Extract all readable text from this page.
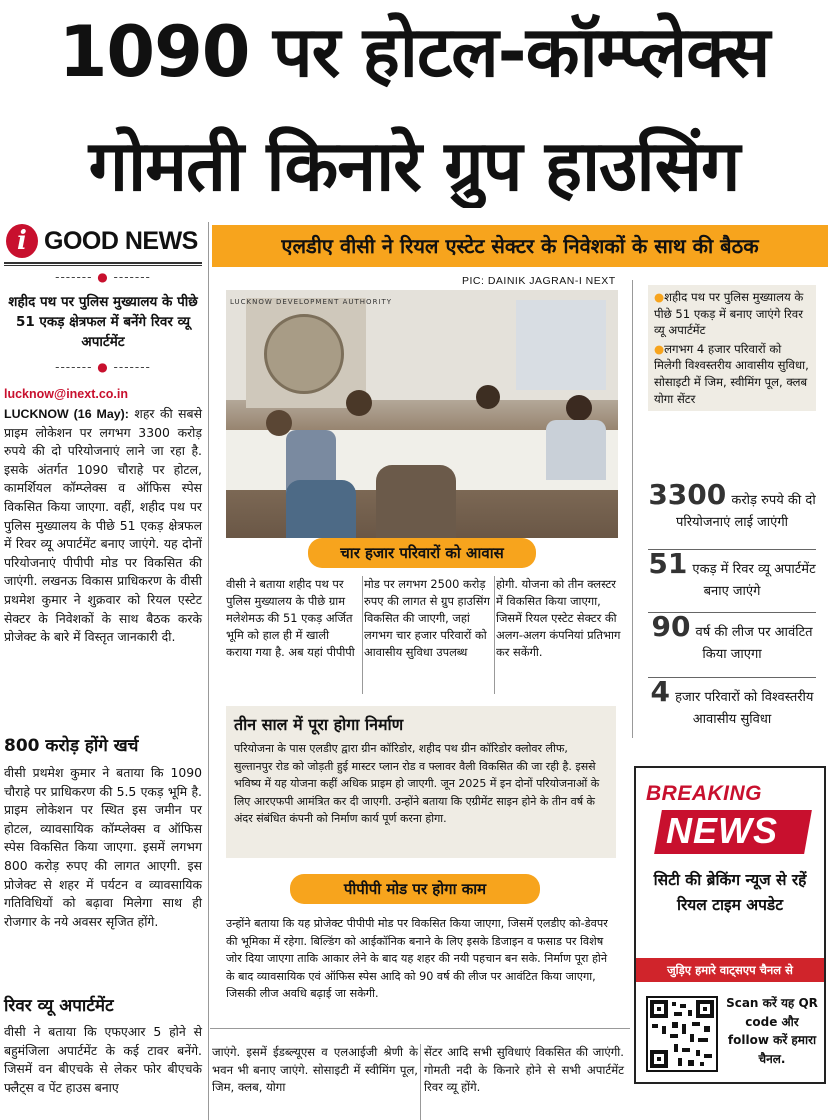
1090 पर होटल-कॉम्प्लेक्स
गोमती किनारे ग्रुप हाउसिंग
i GOOD NEWS
------- ● -------
शहीद पथ पर पुलिस मुख्यालय के पीछे 51 एकड़ क्षेत्रफल में बनेंगे रिवर व्यू अपार्टमेंट
------- ● -------
lucknow@inext.co.in
LUCKNOW (16 May): शहर की सबसे प्राइम लोकेशन पर लगभग 3300 करोड़ रुपये की दो परियोजनाएं लाने जा रहा है. इसके अंतर्गत 1090 चौराहे पर होटल, कामर्शियल कॉम्प्लेक्स व ऑफिस स्पेस विकसित किया जाएगा. वहीं, शहीद पथ पर पुलिस मुख्यालय के पीछे 51 एकड़ क्षेत्रफल में रिवर व्यू अपार्टमेंट बनाए जाएंगे. यह दोनों परियोजनाएं पीपीपी मोड पर विकसित की जाएंगी. लखनऊ विकास प्राधिकरण के वीसी प्रथमेश कुमार ने शुक्रवार को रियल एस्टेट सेक्टर के निवेशकों के साथ बैठक करके प्रोजेक्ट के बारे में विस्तृत जानकारी दी.
800 करोड़ होंगे खर्च
वीसी प्रथमेश कुमार ने बताया कि 1090 चौराहे पर प्राधिकरण की 5.5 एकड़ भूमि है. प्राइम लोकेशन पर स्थित इस जमीन पर होटल, व्यावसायिक कॉम्प्लेक्स व ऑफिस स्पेस विकसित किया जाएगा. इसमें लगभग 800 करोड़ रुपए की लागत आएगी. इस प्रोजेक्ट से शहर में पर्यटन व व्यावसायिक गतिविधियों को बढ़ावा मिलेगा साथ ही रोजगार के नये अवसर सृजित होंगे.
रिवर व्यू अपार्टमेंट
वीसी ने बताया कि एफएआर 5 होने से बहुमंजिला अपार्टमेंट के कई टावर बनेंगे. जिसमें वन बीएचके से लेकर फोर बीएचके फ्लैट्स व पेंट हाउस बनाए
एलडीए वीसी ने रियल एस्टेट सेक्टर के निवेशकों के साथ की बैठक
PIC: DAINIK JAGRAN-I NEXT
LUCKNOW DEVELOPMENT AUTHORITY	●शहीद पथ पर पुलिस मुख्यालय के पीछे 51 एकड़ में बनाए जाएंगे रिवर व्यू अपार्टमेंट
●लगभग 4 हजार परिवारों को मिलेगी विश्वस्तरीय आवासीय सुविधा, सोसाइटी में जिम, स्वीमिंग पूल, क्लब योगा सेंटर
3300 करोड़ रुपये की दो परियोजनाएं लाई जाएंगी
51 एकड़ में रिवर व्यू अपार्टमेंट बनाए जाएंगे
90 वर्ष की लीज पर आवंटित किया जाएगा
4 हजार परिवारों को विश्वस्तरीय आवासीय सुविधा
चार हजार परिवारों को आवास
वीसी ने बताया शहीद पथ पर पुलिस मुख्यालय के पीछे ग्राम मलेशेमऊ की 51 एकड़ अर्जित भूमि को हाल ही में खाली कराया गया है. अब यहां पीपीपी
मोड पर लगभग 2500 करोड़ रुपए की लागत से ग्रुप हाउसिंग विकसित की जाएगी, जहां लगभग चार हजार परिवारों को आवासीय सुविधा उपलब्ध
होगी. योजना को तीन क्लस्टर में विकसित किया जाएगा, जिसमें रियल एस्टेट सेक्टर की अलग-अलग कंपनियां प्रतिभाग कर सकेंगी.
तीन साल में पूरा होगा निर्माण
परियोजना के पास एलडीए द्वारा ग्रीन कॉरिडोर, शहीद पथ ग्रीन कॉरिडोर क्लोवर लीफ, सुल्तानपुर रोड को जोड़ती हुई मास्टर प्लान रोड व फ्लावर वैली विकसित की जा रही है. इससे भविष्य में यह योजना कहीं अधिक प्राइम हो जाएगी. जून 2025 में इन दोनों परियोजनाओं के लिए आरएफपी आमंत्रित कर दी जाएगी. उन्होंने बताया कि एग्रीमेंट साइन होने के तीन वर्ष के अंदर संबंधित कंपनी को निर्माण कार्य पूर्ण करना होगा.
पीपीपी मोड पर होगा काम
उन्होंने बताया कि यह प्रोजेक्ट पीपीपी मोड पर विकसित किया जाएगा, जिसमें एलडीए को-डेवपर की भूमिका में रहेगा. बिल्डिंग को आईकॉनिक बनाने के लिए इसके डिजाइन व फसाड पर विशेष जोर दिया जाएगा ताकि आकार लेने के बाद यह शहर की नयी पहचान बन सके. निर्माण पूरा होने के बाद व्यावसायिक एवं ऑफिस स्पेस आदि को 90 वर्ष की लीज पर आवंटित किया जाएगा, जिसकी लीज अवधि बढ़ाई जा सकेगी.
जाएंगे. इसमें ईडब्ल्यूएस व एलआईजी श्रेणी के भवन भी बनाए जाएंगे. सोसाइटी में स्वीमिंग पूल, जिम, क्लब, योगा
सेंटर आदि सभी सुविधाएं विकसित की जाएंगी. गोमती नदी के किनारे होने से सभी अपार्टमेंट रिवर व्यू होंगे.
BREAKING
NEWS
सिटी की ब्रेकिंग न्यूज से रहें रियल टाइम अपडेट
जुड़िए हमारे वाट्सएप चैनल से
Scan करें यह QR code और follow करें हमारा चैनल.
